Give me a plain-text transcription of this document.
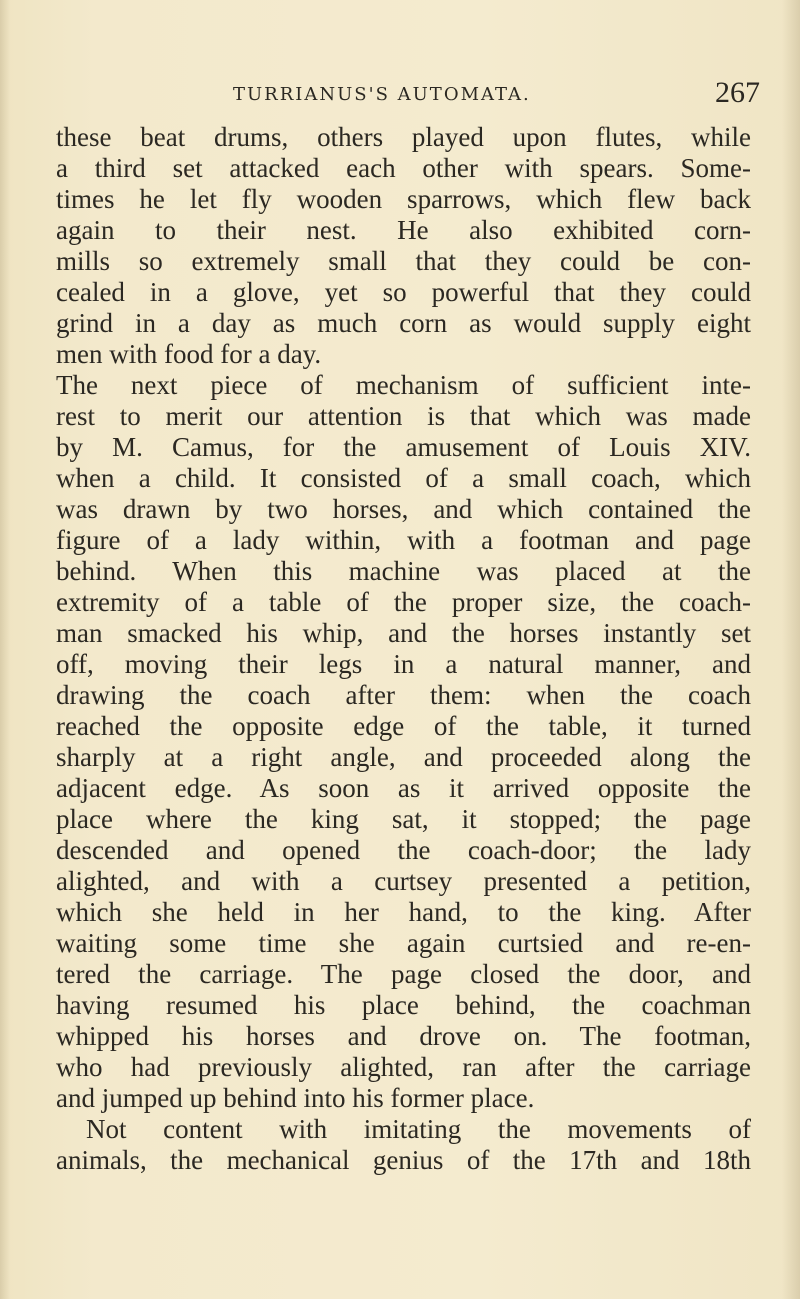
TURRIANUS'S AUTOMATA.	267
these beat drums, others played upon flutes, while
a third set attacked each other with spears. Some-
times he let fly wooden sparrows, which flew back
again to their nest. He also exhibited corn-
mills so extremely small that they could be con-
cealed in a glove, yet so powerful that they could
grind in a day as much corn as would supply eight
men with food for a day.
The next piece of mechanism of sufficient inte-
rest to merit our attention is that which was made
by M. Camus, for the amusement of Louis XIV.
when a child. It consisted of a small coach, which
was drawn by two horses, and which contained the
figure of a lady within, with a footman and page
behind. When this machine was placed at the
extremity of a table of the proper size, the coach-
man smacked his whip, and the horses instantly set
off, moving their legs in a natural manner, and
drawing the coach after them: when the coach
reached the opposite edge of the table, it turned
sharply at a right angle, and proceeded along the
adjacent edge. As soon as it arrived opposite the
place where the king sat, it stopped; the page
descended and opened the coach-door; the lady
alighted, and with a curtsey presented a petition,
which she held in her hand, to the king. After
waiting some time she again curtsied and re-en-
tered the carriage. The page closed the door, and
having resumed his place behind, the coachman
whipped his horses and drove on. The footman,
who had previously alighted, ran after the carriage
and jumped up behind into his former place.
Not content with imitating the movements of
animals, the mechanical genius of the 17th and 18th
